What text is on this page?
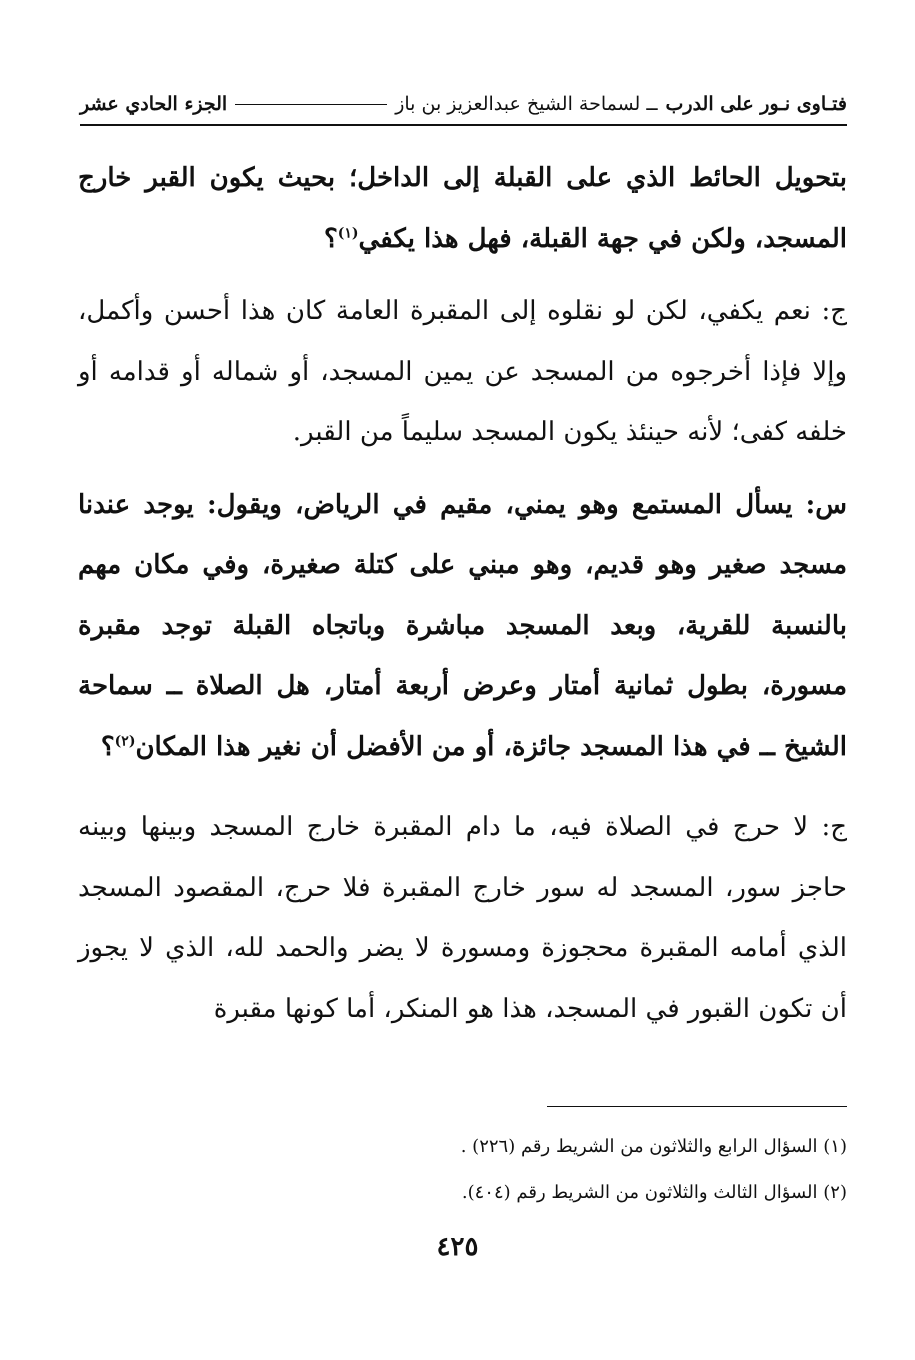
فتـاوى نـور على الدرب
ــ لسماحة الشيخ عبدالعزيز بن باز
الجزء الحادي عشر

بتحويل الحائط الذي على القبلة إلى الداخل؛ بحيث يكون القبر خارج المسجد، ولكن في جهة القبلة، فهل هذا يكفي$^{(١)}$؟

ج: نعم يكفي، لكن لو نقلوه إلى المقبرة العامة كان هذا أحسن وأكمل، وإلا فإذا أخرجوه من المسجد عن يمين المسجد، أو شماله أو قدامه أو خلفه كفى؛ لأنه حينئذ يكون المسجد سليماً من القبر.

س: يسأل المستمع وهو يمني، مقيم في الرياض، ويقول: يوجد عندنا مسجد صغير وهو قديم، وهو مبني على كتلة صغيرة، وفي مكان مهم بالنسبة للقرية، وبعد المسجد مباشرة وباتجاه القبلة توجد مقبرة مسورة، بطول ثمانية أمتار وعرض أربعة أمتار، هل الصلاة ــ سماحة الشيخ ــ في هذا المسجد جائزة، أو من الأفضل أن نغير هذا المكان$^{(٢)}$؟

ج: لا حرج في الصلاة فيه، ما دام المقبرة خارج المسجد وبينها وبينه حاجز سور، المسجد له سور خارج المقبرة فلا حرج، المقصود المسجد الذي أمامه المقبرة محجوزة ومسورة لا يضر والحمد لله، الذي لا يجوز أن تكون القبور في المسجد، هذا هو المنكر، أما كونها مقبرة

(١) السؤال الرابع والثلاثون من الشريط رقم (٢٢٦) .

(٢) السؤال الثالث والثلاثون من الشريط رقم (٤٠٤).

٤٢٥
